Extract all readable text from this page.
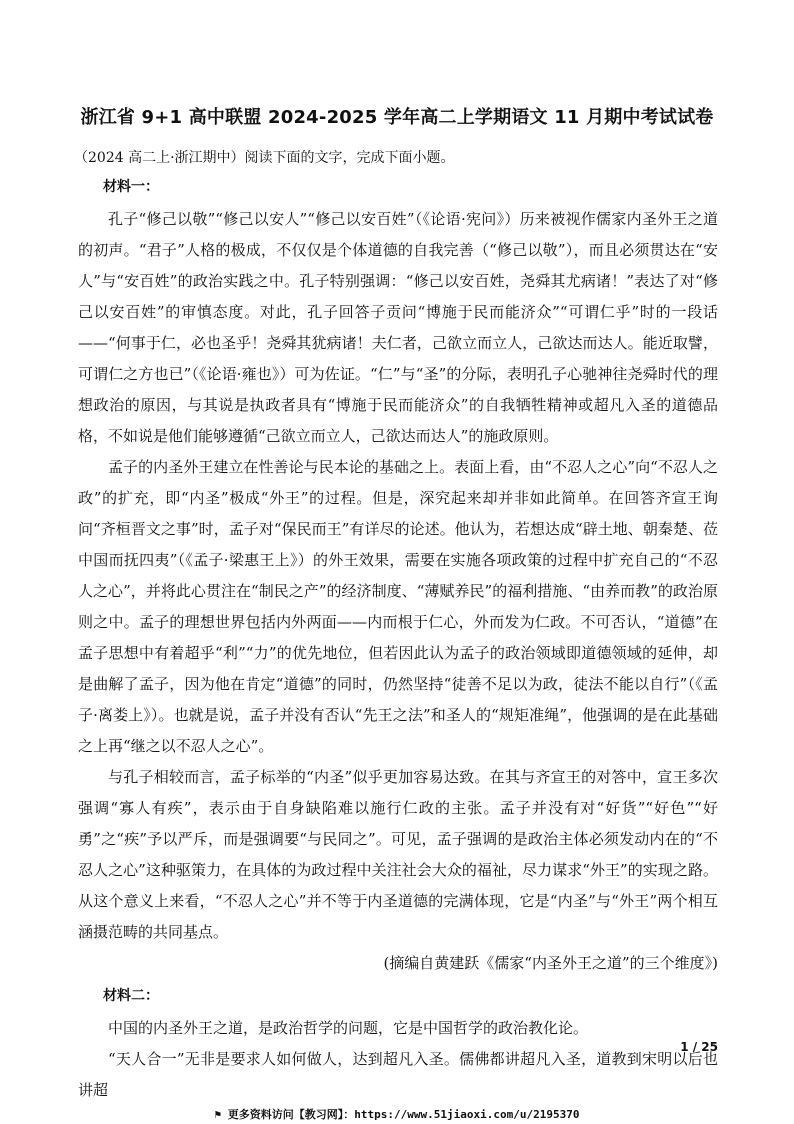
浙江省 9+1 高中联盟 2024-2025 学年高二上学期语文 11 月期中考试试卷
（2024 高二上·浙江期中）阅读下面的文字，完成下面小题。
材料一：

孔子“修己以敬”“修己以安人”“修己以安百姓”（《论语·宪问》）历来被视作儒家内圣外王之道的初声。“君子”人格的极成，不仅仅是个体道德的自我完善（“修己以敬”），而且必须贯达在“安人”与“安百姓”的政治实践之中。孔子特别强调：“修己以安百姓，尧舜其尤病诸！”表达了对“修己以安百姓”的审慎态度。对此，孔子回答子贡问“博施于民而能济众”“可谓仁乎”时的一段话——“何事于仁，必也圣乎！尧舜其犹病诸！夫仁者，己欲立而立人，己欲达而达人。能近取譬，可谓仁之方也已”（《论语·雍也》）可为佐证。“仁”与“圣”的分际，表明孔子心驰神往尧舜时代的理想政治的原因，与其说是执政者具有“博施于民而能济众”的自我牺牲精神或超凡入圣的道德品格，不如说是他们能够遵循“己欲立而立人，己欲达而达人”的施政原则。

孟子的内圣外王建立在性善论与民本论的基础之上。表面上看，由“不忍人之心”向“不忍人之政”的扩充，即“内圣”极成“外王”的过程。但是，深究起来却并非如此简单。在回答齐宣王询问“齐桓晋文之事”时，孟子对“保民而王”有详尽的论述。他认为，若想达成“辟土地、朝秦楚、莅中国而抚四夷”（《孟子·梁惠王上》）的外王效果，需要在实施各项政策的过程中扩充自己的“不忍人之心”，并将此心贯注在“制民之产”的经济制度、“薄赋养民”的福利措施、“由养而教”的政治原则之中。孟子的理想世界包括内外两面——内而根于仁心，外而发为仁政。不可否认，“道德”在孟子思想中有着超乎“利”“力”的优先地位，但若因此认为孟子的政治领域即道德领域的延伸，却是曲解了孟子，因为他在肯定“道德”的同时，仍然坚持“徒善不足以为政，徒法不能以自行”（《孟子·离娄上》）。也就是说，孟子并没有否认“先王之法”和圣人的“规矩准绳”，他强调的是在此基础之上再“继之以不忍人之心”。

与孔子相较而言，孟子标举的“内圣”似乎更加容易达致。在其与齐宣王的对答中，宣王多次强调“寡人有疾”，表示由于自身缺陷难以施行仁政的主张。孟子并没有对“好货”“好色”“好勇”之“疾”予以严斥，而是强调要“与民同之”。可见，孟子强调的是政治主体必须发动内在的“不忍人之心”这种驱策力，在具体的为政过程中关注社会大众的福祉，尽力谋求“外王”的实现之路。从这个意义上来看，“不忍人之心”并不等于内圣道德的完满体现，它是“内圣”与“外王”两个相互涵摄范畴的共同基点。

(摘编自黄建跃《儒家“内圣外王之道”的三个维度》)

材料二：

中国的内圣外王之道，是政治哲学的问题，它是中国哲学的政治教化论。

“天人合一”无非是要求人如何做人，达到超凡入圣。儒佛都讲超凡入圣，道教到宋明以后也讲超

1 / 25
⚑ 更多资料访问【教习网】：https://www.51jiaoxi.com/u/2195370
